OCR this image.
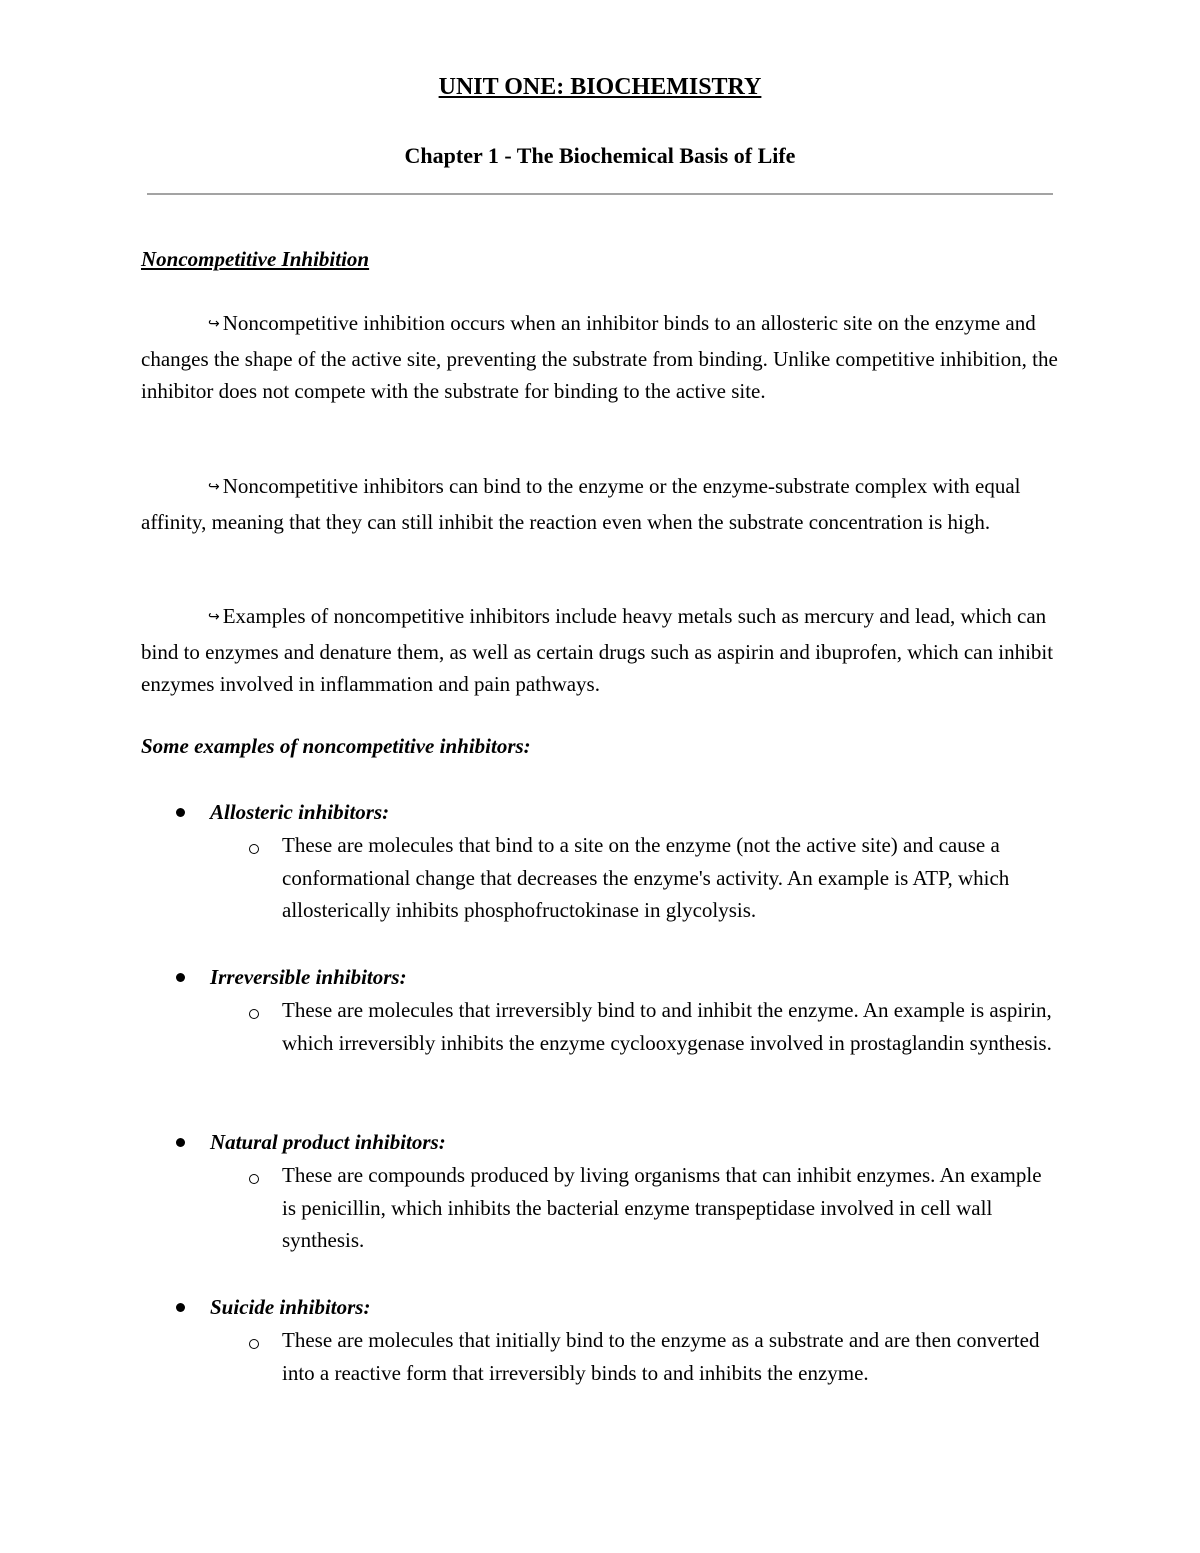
UNIT ONE: BIOCHEMISTRY
Chapter 1 - The Biochemical Basis of Life
Noncompetitive Inhibition
↪ Noncompetitive inhibition occurs when an inhibitor binds to an allosteric site on the enzyme and changes the shape of the active site, preventing the substrate from binding. Unlike competitive inhibition, the inhibitor does not compete with the substrate for binding to the active site.
↪ Noncompetitive inhibitors can bind to the enzyme or the enzyme-substrate complex with equal affinity, meaning that they can still inhibit the reaction even when the substrate concentration is high.
↪ Examples of noncompetitive inhibitors include heavy metals such as mercury and lead, which can bind to enzymes and denature them, as well as certain drugs such as aspirin and ibuprofen, which can inhibit enzymes involved in inflammation and pain pathways.
Some examples of noncompetitive inhibitors:
Allosteric inhibitors:
These are molecules that bind to a site on the enzyme (not the active site) and cause a conformational change that decreases the enzyme's activity. An example is ATP, which allosterically inhibits phosphofructokinase in glycolysis.
Irreversible inhibitors:
These are molecules that irreversibly bind to and inhibit the enzyme. An example is aspirin, which irreversibly inhibits the enzyme cyclooxygenase involved in prostaglandin synthesis.
Natural product inhibitors:
These are compounds produced by living organisms that can inhibit enzymes. An example is penicillin, which inhibits the bacterial enzyme transpeptidase involved in cell wall synthesis.
Suicide inhibitors:
These are molecules that initially bind to the enzyme as a substrate and are then converted into a reactive form that irreversibly binds to and inhibits the enzyme.
